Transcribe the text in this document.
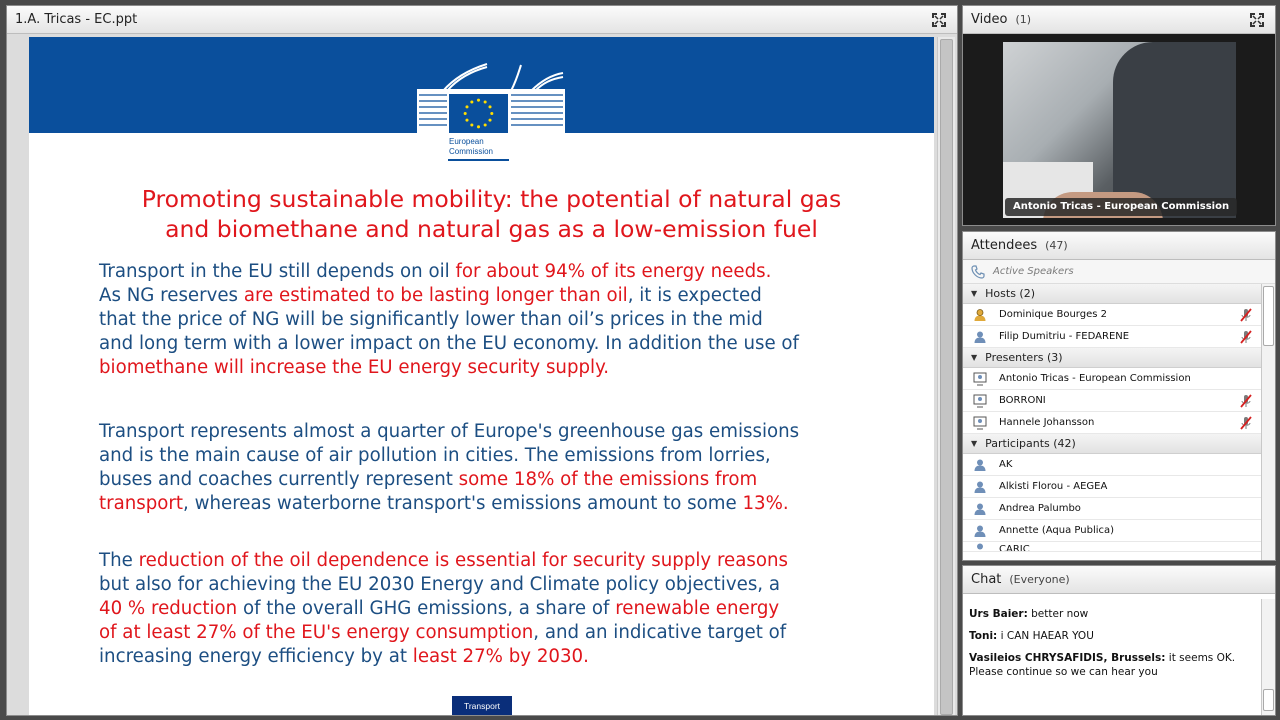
1.A. Tricas - EC.ppt
European
Commission
Promoting sustainable mobility: the potential of natural gas
and biomethane and natural gas as a low-emission fuel
Transport in the EU still depends on oil for about 94% of its energy needs.
As NG reserves are estimated to be lasting longer than oil, it is expected
that the price of NG will be significantly lower than oil’s prices in the mid
and long term with a lower impact on the EU economy. In addition the use of
biomethane will increase the EU energy security supply.
Transport represents almost a quarter of Europe's greenhouse gas emissions
and is the main cause of air pollution in cities. The emissions from lorries,
buses and coaches currently represent some 18% of the emissions from
transport, whereas waterborne transport's emissions amount to some 13%.
The reduction of the oil dependence is essential for security supply reasons
but also for achieving the EU 2030 Energy and Climate policy objectives, a
40 % reduction of the overall GHG emissions, a share of renewable energy
of at least 27% of the EU's energy consumption, and an indicative target of
increasing energy efficiency by at least 27% by 2030.
Transport
Video (1)
Antonio Tricas - European Commission
Attendees (47)
Active Speakers
▼ Hosts (2)
Dominique Bourges 2
Filip Dumitriu - FEDARENE
▼ Presenters (3)
Antonio Tricas - European Commission
BORRONI
Hannele Johansson
▼ Participants (42)
AK
Alkisti Florou - AEGEA
Andrea Palumbo
Annette (Aqua Publica)
CARIC
Chat (Everyone)
Urs Baier: better now
Toni: i CAN HAEAR YOU
Vasileios CHRYSAFIDIS, Brussels: it seems OK. Please continue so we can hear you
